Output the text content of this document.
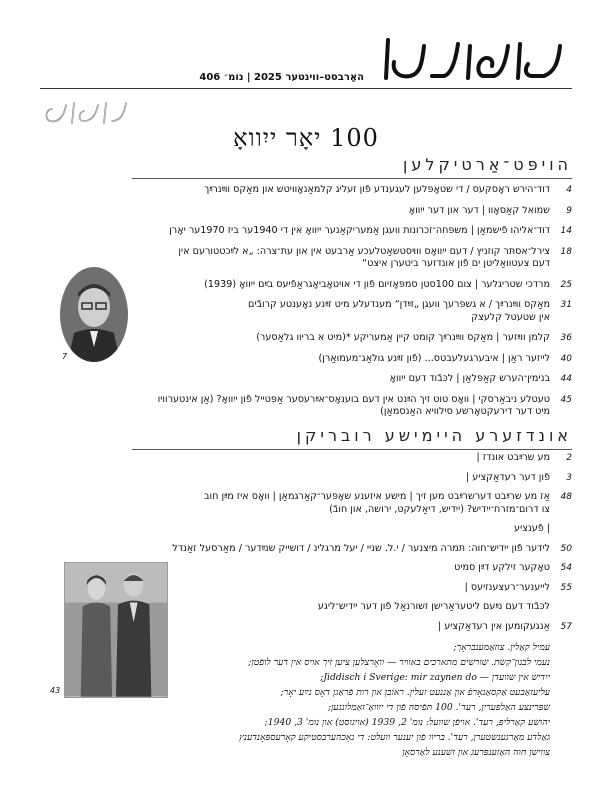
האַרבסט–ווינטער 2025 | נומ׳ 406
100 יאָר ייִוואָ
הויפּט־אַרטיקלען
4
דוד־הירש ראָסקעס / די שטאָפּלען לעגענדע פֿון זעליג קלמאַנאָוויטש און מאַקס ווײַנרײַך
9
שמואל קאַסאָוו | דער און דער ייִוואָ
14
דוד־אליהו פֿישמאַן | משפּחה־זכרונות וועגן אַמעריקאַנער ייִוואָ אין די 1940ער ביז 1970ער יאָרן
18
צירל־אסתּר קוזניץ / דעם ייִוואָס ווױסטשאַטלעכע אַרבעט אין און עת־צרה: „א לײַכטטורעם אין
דעם צעטוואַליטן ים פֿון אונדזער ביטערן איצט“
25
מרדכי שטריגלער | צום 100סטן סמפּאָזיום פֿון די אויטאָביאָגראַפֿיעס בײַם ייִוואָ (1939)
31
מאַקס ווײַנרײַך / א גשפּרעך וועגן „זײַדן“ מענדעלע מיט זײַנע נאָענטע קרובֿים
אין שטעטל קלעצק
36
קלמן ווײַזער | מאַקס ווײַנרײַך קומט קיין אַמעריקע *(מיט א בריוו גלאַסער)
40
לייזער ראַן | איבערגעלעבטס... (פֿון זײַנע גולאַג־מעמואַרן)
44
בנימין־הערש קאַפּלאַן | לכּבֿוד דעם ייִוואָ
45
טעטלע ניבאַרסקי | וואָס טוט זיך הײַנט אין דעם בוענאָס־אײַרעסער אַפּטייל פֿון ייִוואָ? (אַן אינטערוויו
מיט דער דירעקטאָרשע סילוויא האַנסמאַן)
אונדזערע היימישע רובריקן
2
מע שרײַבט אונדז |
3
פֿון דער רעדאַקציע |
48
אַז מע שרײַבט דערשרײַבט מען זיך | מישע איזענע שאָפּער־קאַרגמאַן | וואָס איז מײַן חוב
צו דרום־מזרח־ייִדיש? (ייִדיש, דיאַלעקט, ירושה, און חובֿ)
| פֿענציע
50
לידער פֿון ייִדיש־חוה: תּמרה מיצנער / י.ל. שניי / יעל מרגלינ / דושייק שנײַדער / מאַרסעל זאַנדל
54
טאָקער זילקע דײַן סמיט
55
לייענער־רעצענזיעס |
לכּבֿוד דעם נײַעם ליטעראַרישן זשורנאַל פֿון דער ייִדיש־ליגע
57
אַנגעקומען אין רעדאַקציע |
עמיל קאַלין. צוזאַמענבראָך;
נעמי לבנון־קשת. שורשים מתארכים באוויר — וואָרצלען ציען זיך אויס אין דער לופֿטן;
ייִדיש אין שוועדן — Jiddisch i Sverige: mir zaynen do;
עליעזאַבעט אַקסאַנאָרפֿ און אַננעט זעלין. ראוֹבן און רות פֿראַגן דאָס נײַע יאָר;
שפּרינצע האַלפּערין, רעד'. 100 תּפֿיסה פֿון די ייִוואָ־זאַמלונגען;
יהושע קאַרליפּ, רעד'. אויפֿן שוועל: נומ' 2, 1939 (אויגוסט) און נומ' 3, 1940;
גאַלדע מאַרגענשטערן, רעד'. בריוו פֿון יענער וועלט: די נאָכהערבסטיקע קאָרעספּאָנדענץ
צווישן חוה האַזענפּרעג און זשענע לאַרסאָן
7
43
